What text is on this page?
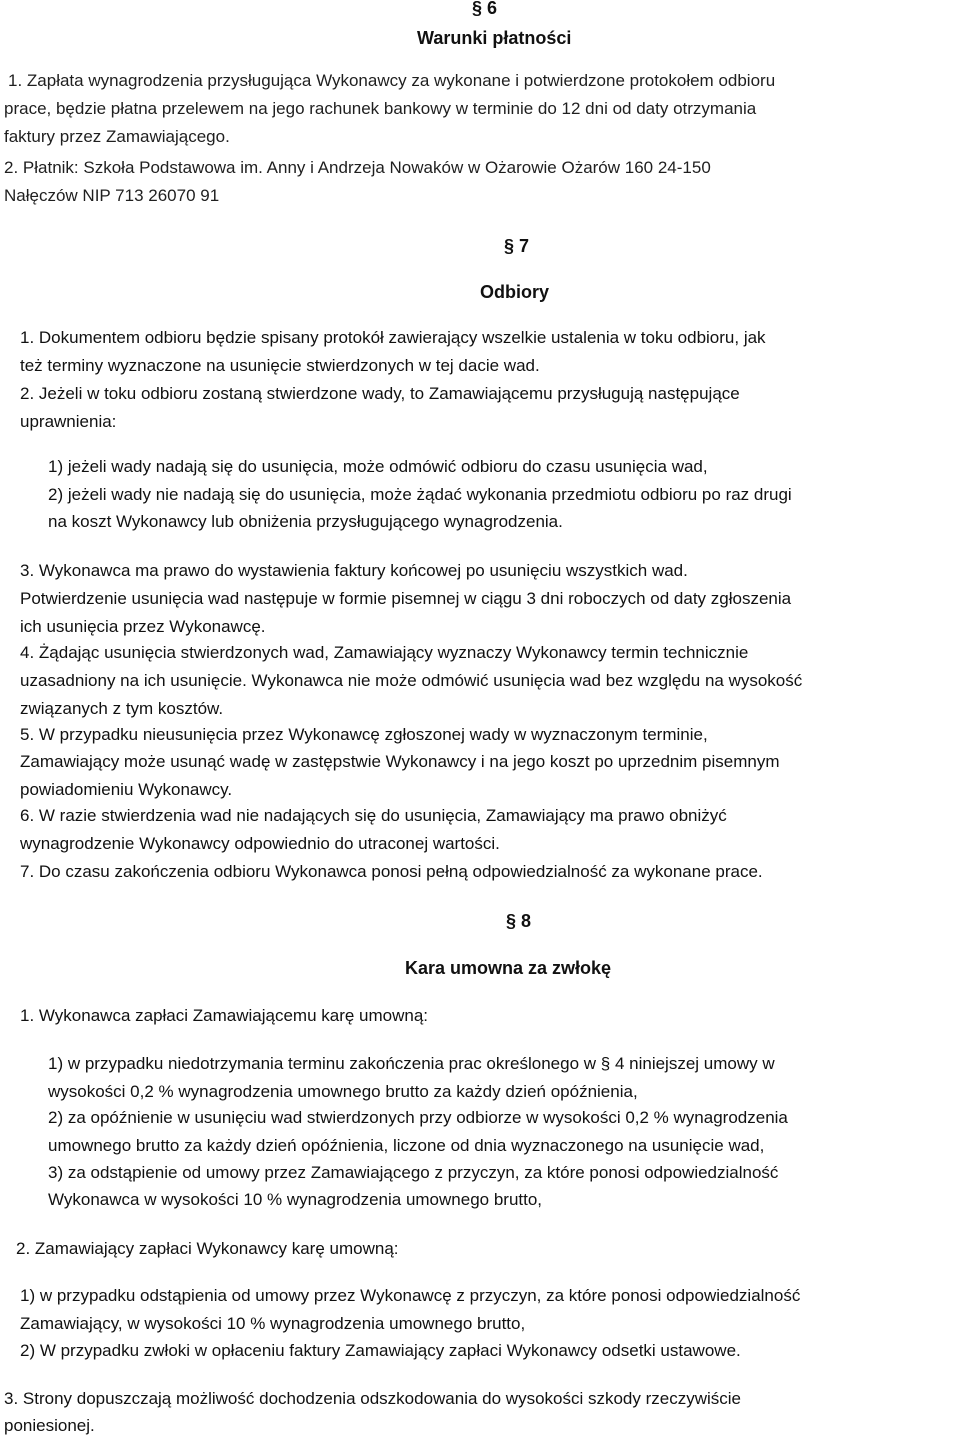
§ 6
Warunki płatności
1. Zapłata wynagrodzenia przysługująca Wykonawcy za wykonane i potwierdzone protokołem odbioru
prace, będzie płatna przelewem na jego rachunek bankowy w terminie do 12 dni od daty otrzymania
faktury przez Zamawiającego.
2. Płatnik: Szkoła Podstawowa im. Anny i Andrzeja Nowaków w Ożarowie Ożarów 160 24-150
Nałęczów NIP 713 26070 91
§ 7
Odbiory
1. Dokumentem odbioru będzie spisany protokół zawierający wszelkie ustalenia w toku odbioru, jak
też terminy wyznaczone na usunięcie stwierdzonych w tej dacie wad.
2. Jeżeli w toku odbioru zostaną stwierdzone wady, to Zamawiającemu przysługują następujące
uprawnienia:
1) jeżeli wady nadają się do usunięcia, może odmówić odbioru do czasu usunięcia wad,
2) jeżeli wady nie nadają się do usunięcia, może żądać wykonania przedmiotu odbioru po raz drugi
na koszt Wykonawcy lub obniżenia przysługującego wynagrodzenia.
3. Wykonawca ma prawo do wystawienia faktury końcowej po usunięciu wszystkich wad.
Potwierdzenie usunięcia wad następuje w formie pisemnej w ciągu 3 dni roboczych od daty zgłoszenia
ich usunięcia przez Wykonawcę.
4. Żądając usunięcia stwierdzonych wad, Zamawiający wyznaczy Wykonawcy termin technicznie
uzasadniony na ich usunięcie. Wykonawca nie może odmówić usunięcia wad bez względu na wysokość
związanych z tym kosztów.
5. W przypadku nieusunięcia przez Wykonawcę zgłoszonej wady w wyznaczonym terminie,
Zamawiający może usunąć wadę w zastępstwie Wykonawcy i na jego koszt po uprzednim pisemnym
powiadomieniu Wykonawcy.
6. W razie stwierdzenia wad nie nadających się do usunięcia, Zamawiający ma prawo obniżyć
wynagrodzenie Wykonawcy odpowiednio do utraconej wartości.
7. Do czasu zakończenia odbioru Wykonawca ponosi pełną odpowiedzialność za wykonane prace.
§ 8
Kara umowna za zwłokę
1. Wykonawca zapłaci Zamawiającemu karę umowną:
1) w przypadku niedotrzymania terminu zakończenia prac określonego w § 4 niniejszej umowy w
wysokości 0,2 % wynagrodzenia umownego brutto za każdy dzień opóźnienia,
2) za opóźnienie w usunięciu wad stwierdzonych przy odbiorze w wysokości 0,2 % wynagrodzenia
umownego brutto za każdy dzień opóźnienia, liczone od dnia wyznaczonego na usunięcie wad,
3) za odstąpienie od umowy przez Zamawiającego z przyczyn, za które ponosi odpowiedzialność
Wykonawca w wysokości 10 % wynagrodzenia umownego brutto,
2. Zamawiający zapłaci Wykonawcy karę umowną:
1) w przypadku odstąpienia od umowy przez Wykonawcę z przyczyn, za które ponosi odpowiedzialność
Zamawiający, w wysokości 10 % wynagrodzenia umownego brutto,
2) W przypadku zwłoki w opłaceniu faktury Zamawiający zapłaci Wykonawcy odsetki ustawowe.
3. Strony dopuszczają możliwość dochodzenia odszkodowania do wysokości szkody rzeczywiście
poniesionej.
